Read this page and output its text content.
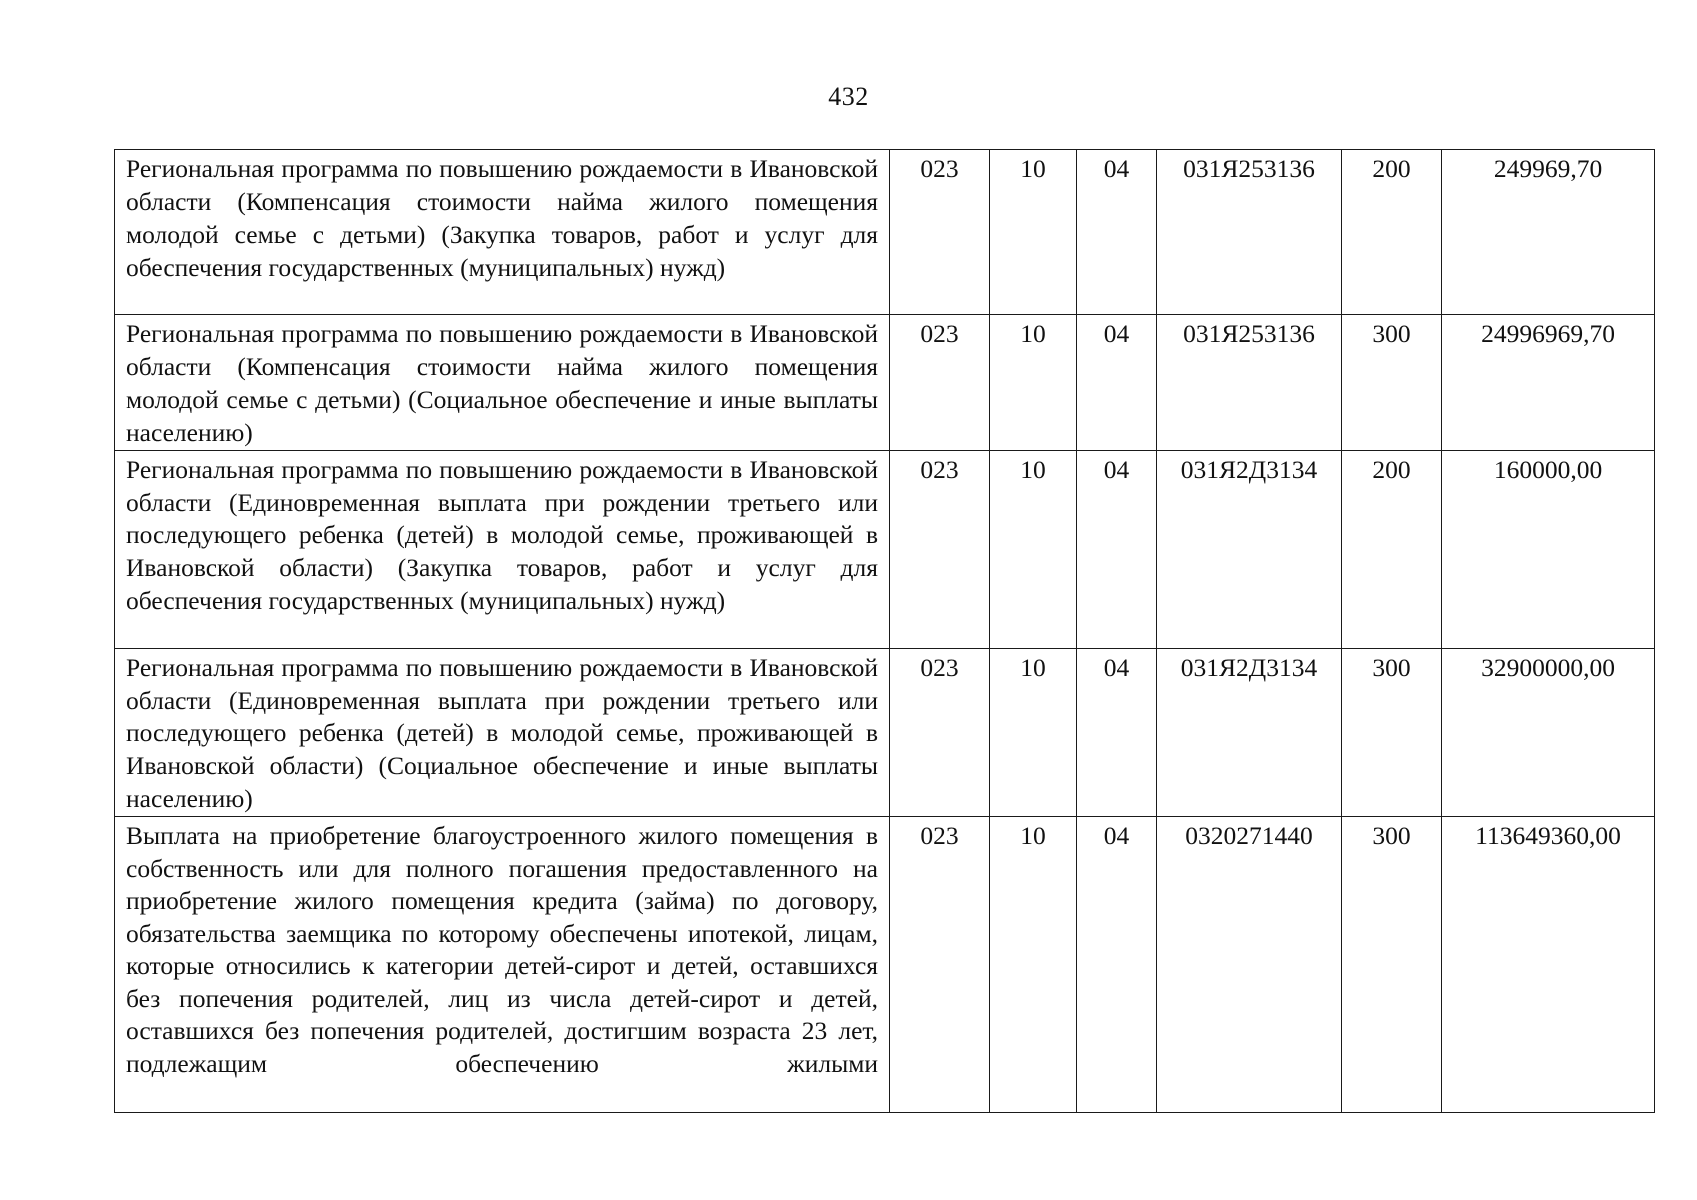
432
Региональная программа по повышению рождаемости в Ивановской области (Компенсация стоимости найма жилого помещения молодой семье с детьми) (Закупка товаров, работ и услуг для обеспечения государственных (муниципальных) нужд)	023	10	04	031Я253136	200	249969,70
Региональная программа по повышению рождаемости в Ивановской области (Компенсация стоимости найма жилого помещения молодой семье с детьми) (Социальное обеспечение и иные выплаты населению)	023	10	04	031Я253136	300	24996969,70
Региональная программа по повышению рождаемости в Ивановской области (Единовременная выплата при рождении третьего или последующего ребенка (детей) в молодой семье, проживающей в Ивановской области) (Закупка товаров, работ и услуг для обеспечения государственных (муниципальных) нужд)	023	10	04	031Я2Д3134	200	160000,00
Региональная программа по повышению рождаемости в Ивановской области (Единовременная выплата при рождении третьего или последующего ребенка (детей) в молодой семье, проживающей в Ивановской области) (Социальное обеспечение и иные выплаты населению)	023	10	04	031Я2Д3134	300	32900000,00
Выплата на приобретение благоустроенного жилого помещения в собственность или для полного погашения предоставленного на приобретение жилого помещения кредита (займа) по договору, обязательства заемщика по которому обеспечены ипотекой, лицам, которые относились к категории детей-сирот и детей, оставшихся без попечения родителей, лиц из числа детей-сирот и детей, оставшихся без попечения родителей, достигшим возраста 23 лет, подлежащим обеспечению жилыми	023	10	04	0320271440	300	113649360,00
